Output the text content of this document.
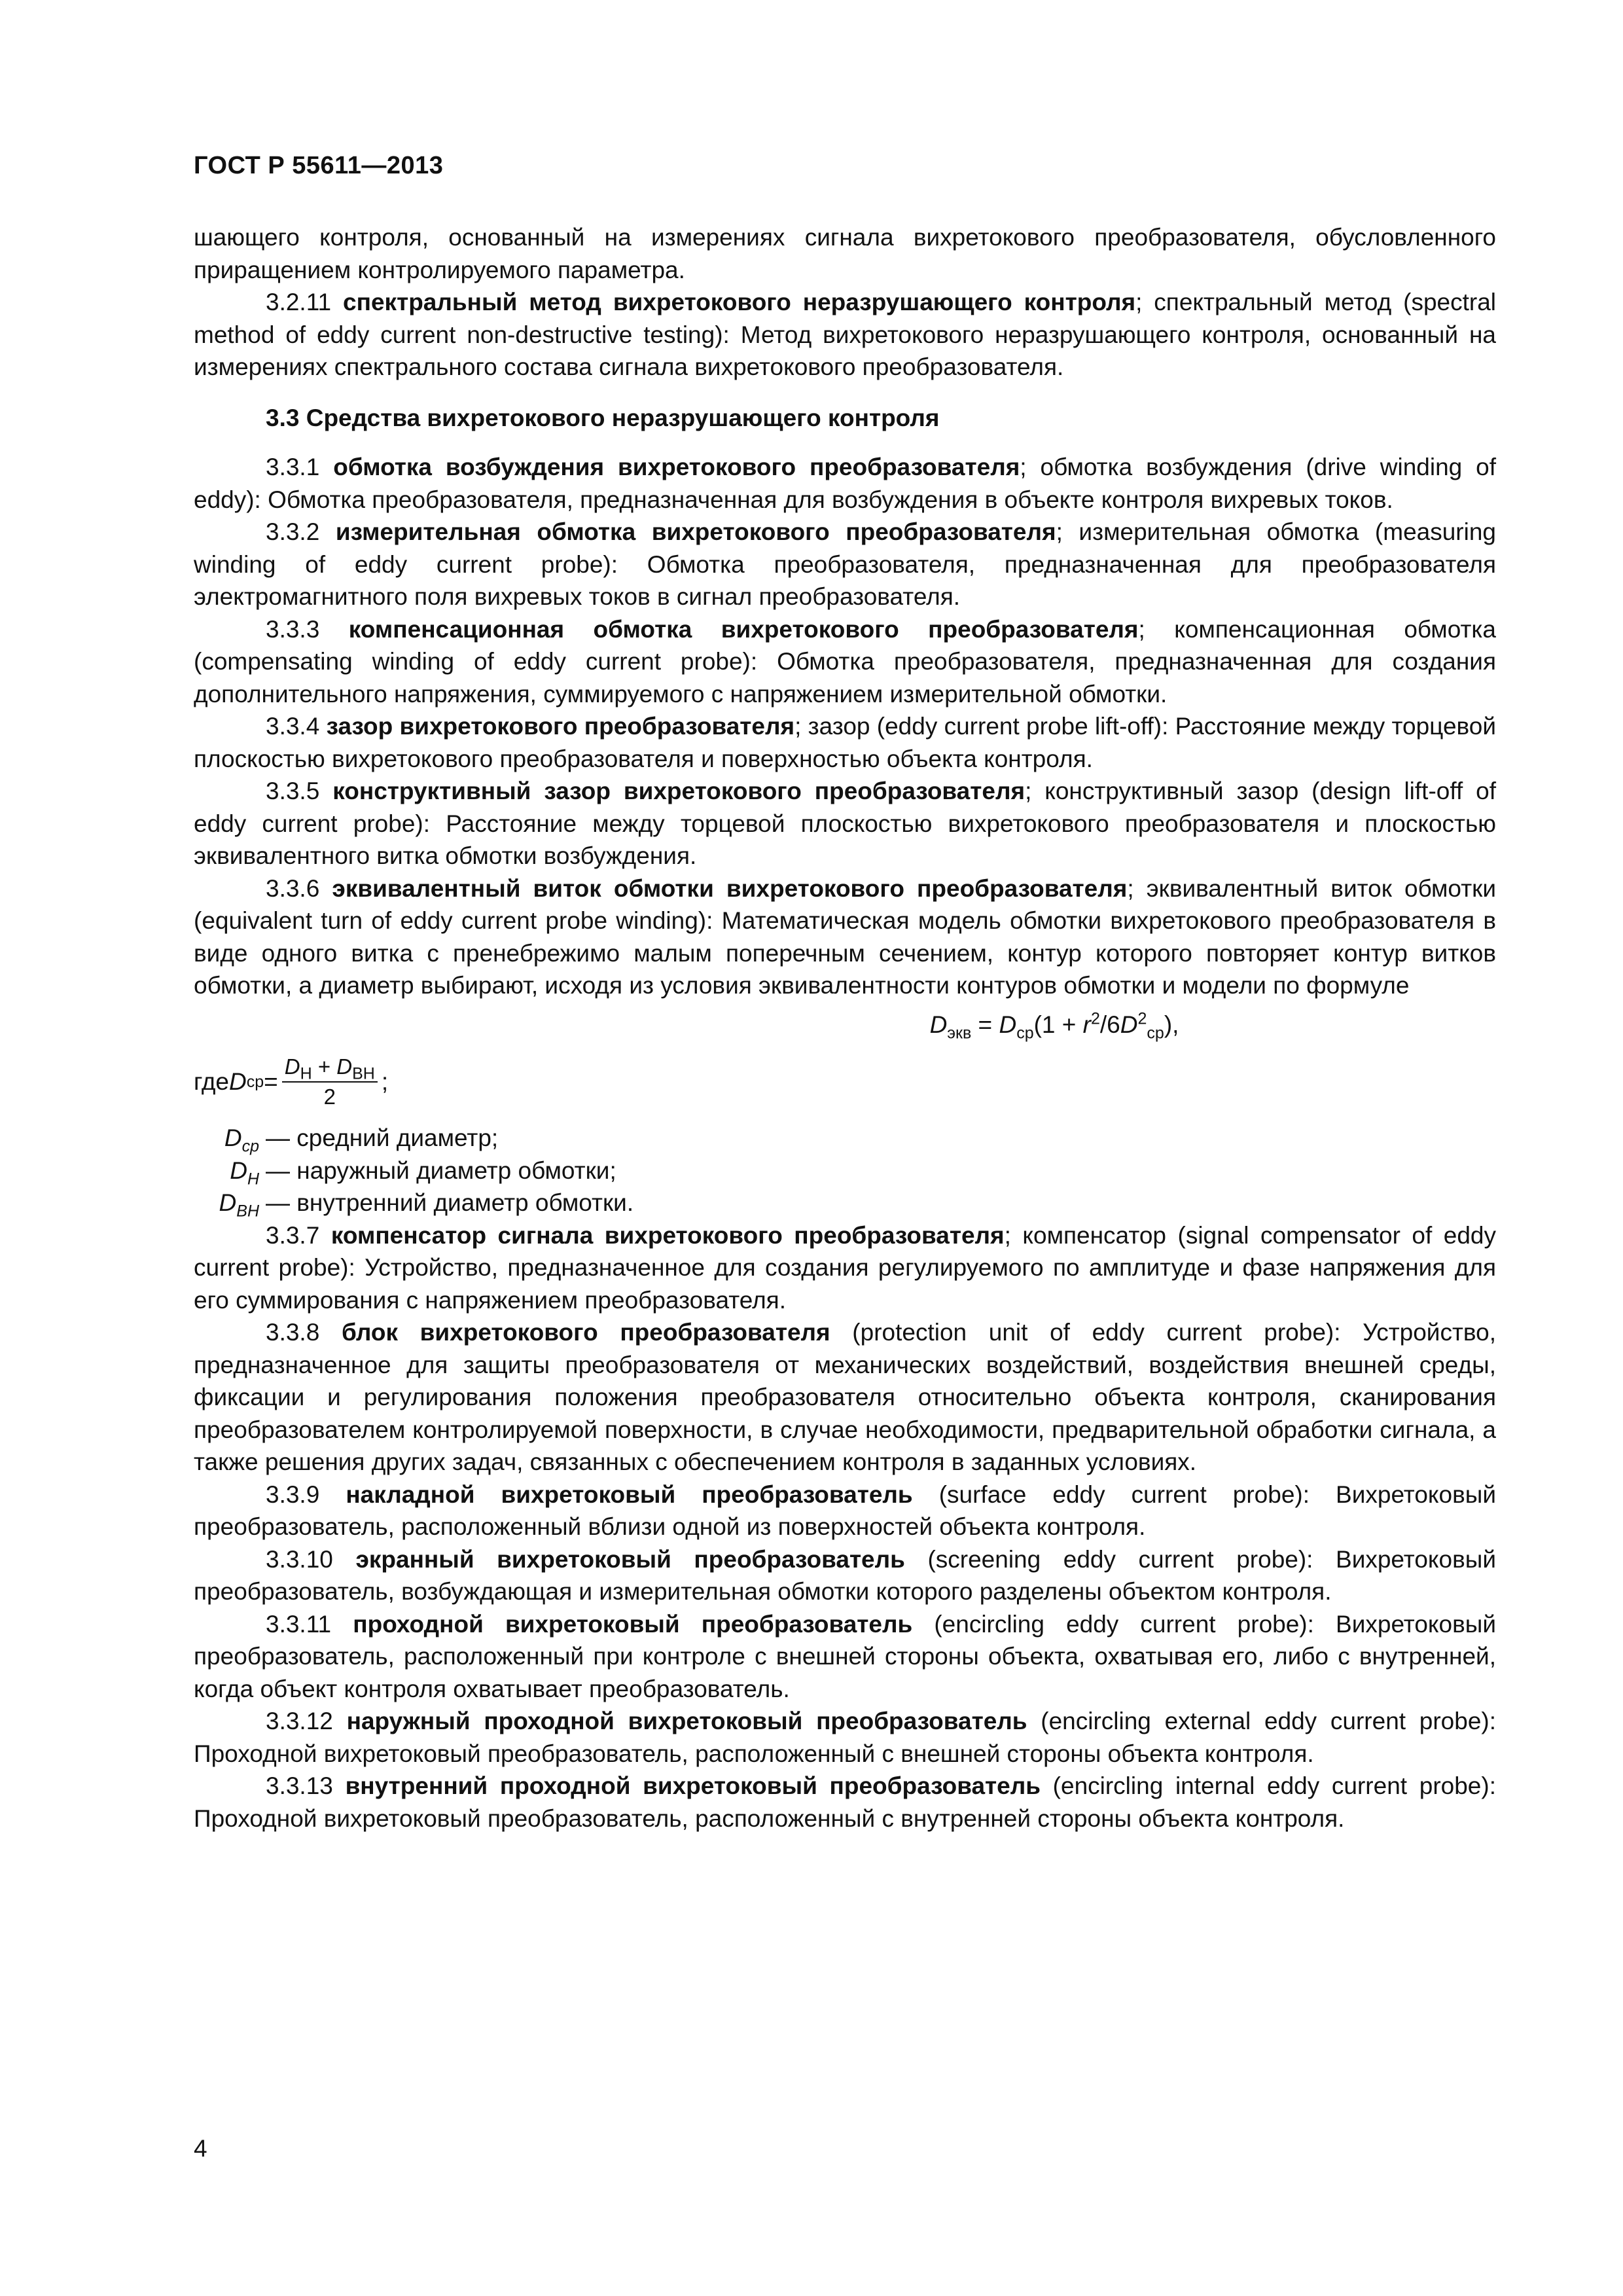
ГОСТ Р 55611—2013

шающего контроля, основанный на измерениях сигнала вихретокового преобразователя, обусловленного приращением контролируемого параметра.

3.2.11 спектральный метод вихретокового неразрушающего контроля; спектральный метод (spectral method of eddy current non-destructive testing): Метод вихретокового неразрушающего контроля, основанный на измерениях спектрального состава сигнала вихретокового преобразователя.

3.3 Средства вихретокового неразрушающего контроля

3.3.1 обмотка возбуждения вихретокового преобразователя; обмотка возбуждения (drive winding of eddy): Обмотка преобразователя, предназначенная для возбуждения в объекте контроля вихревых токов.

3.3.2 измерительная обмотка вихретокового преобразователя; измерительная обмотка (measuring winding of eddy current probe): Обмотка преобразователя, предназначенная для преобразователя электромагнитного поля вихревых токов в сигнал преобразователя.

3.3.3 компенсационная обмотка вихретокового преобразователя; компенсационная обмотка (compensating winding of eddy current probe): Обмотка преобразователя, предназначенная для создания дополнительного напряжения, суммируемого с напряжением измерительной обмотки.

3.3.4 зазор вихретокового преобразователя; зазор (eddy current probe lift-off): Расстояние между торцевой плоскостью вихретокового преобразователя и поверхностью объекта контроля.

3.3.5 конструктивный зазор вихретокового преобразователя; конструктивный зазор (design lift-off of eddy current probe): Расстояние между торцевой плоскостью вихретокового преобразователя и плоскостью эквивалентного витка обмотки возбуждения.

3.3.6 эквивалентный виток обмотки вихретокового преобразователя; эквивалентный виток обмотки (equivalent turn of eddy current probe winding): Математическая модель обмотки вихретокового преобразователя в виде одного витка с пренебрежимо малым поперечным сечением, контур которого повторяет контур витков обмотки, а диаметр выбирают, исходя из условия эквивалентности контуров обмотки и модели по формуле

$D_{экв} = D_{ср}(1 + r^2/6D^2_{ср})$,
где D ср = $\frac{D_H + D_{BH}}{2}$ ;
$D_{ср}$ — средний диаметр;
$D_H$ — наружный диаметр обмотки;
$D_{BH}$ — внутренний диаметр обмотки.

3.3.7 компенсатор сигнала вихретокового преобразователя; компенсатор (signal compensator of eddy current probe): Устройство, предназначенное для создания регулируемого по амплитуде и фазе напряжения для его суммирования с напряжением преобразователя.

3.3.8 блок вихретокового преобразователя (protection unit of eddy current probe): Устройство, предназначенное для защиты преобразователя от механических воздействий, воздействия внешней среды, фиксации и регулирования положения преобразователя относительно объекта контроля, сканирования преобразователем контролируемой поверхности, в случае необходимости, предварительной обработки сигнала, а также решения других задач, связанных с обеспечением контроля в заданных условиях.

3.3.9 накладной вихретоковый преобразователь (surface eddy current probe): Вихретоковый преобразователь, расположенный вблизи одной из поверхностей объекта контроля.

3.3.10 экранный вихретоковый преобразователь (screening eddy current probe): Вихретоковый преобразователь, возбуждающая и измерительная обмотки которого разделены объектом контроля.

3.3.11 проходной вихретоковый преобразователь (encircling eddy current probe): Вихретоковый преобразователь, расположенный при контроле с внешней стороны объекта, охватывая его, либо с внутренней, когда объект контроля охватывает преобразователь.

3.3.12 наружный проходной вихретоковый преобразователь (encircling external eddy current probe): Проходной вихретоковый преобразователь, расположенный с внешней стороны объекта контроля.

3.3.13 внутренний проходной вихретоковый преобразователь (encircling internal eddy current probe): Проходной вихретоковый преобразователь, расположенный с внутренней стороны объекта контроля.

4
